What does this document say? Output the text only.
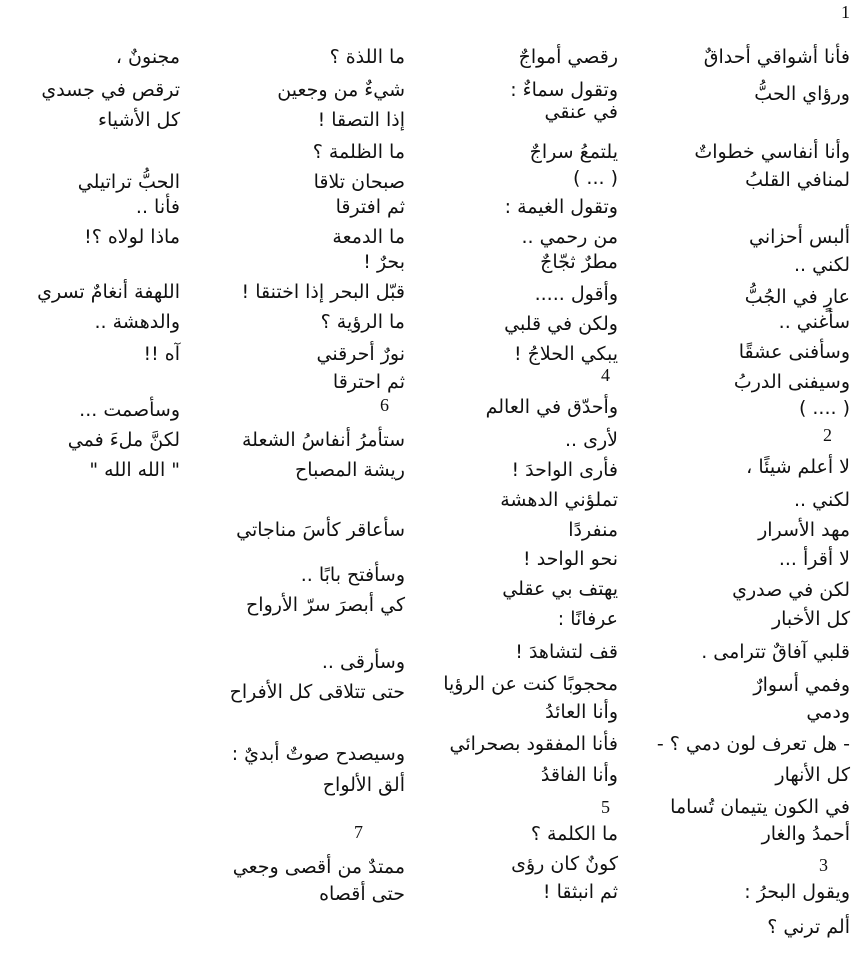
1
فأنا أشواقي أحداقٌ
ورؤاي الحبُّ
وأنا أنفاسي خطواتٌ
لمنافي القلبُ
ألبس أحزاني
لكني ..
عارٍ في الجُبُّ
سأغني ..
وسأفنى عشقًا
وسيفنى الدربُ
( .... )
2
لا أعلم شيئًا ،
لكني ..
مهد الأسرار
لا أقرأ ...
لكن في صدري
كل الأخبار
قلبي آفاقٌ تترامى .
وفمي أسوارٌ
ودمي
- هل تعرف لون دمي ؟ -
كل الأنهار
في الكون يتيمان تُساما
أحمدُ والغار
3
ويقول البحرُ :
ألم ترني ؟
رقصي أمواجٌ
وتقول سماءٌ :
في عنقي
يلتمعُ سراجٌ
( ... )
وتقول الغيمة :
من رحمي ..
مطرٌ ثجّاجٌ
وأقول .....
ولكن في قلبي
يبكي الحلاجُ !
4
وأحدّق في العالم
لأرى ..
فأرى الواحدَ !
تملؤني الدهشة
منفردًا
نحو الواحد !
يهتف بي عقلي
عرفانًا :
قف لتشاهدَ !
محجوبًا كنت عن الرؤيا
وأنا العائدُ
فأنا المفقود بصحرائي
وأنا الفاقدُ
5
ما الكلمة ؟
كونٌ كان رؤى
ثم انبثقا !
ما اللذة ؟
شيءٌ من وجعين
إذا التصقا !
ما الظلمة ؟
صبحان تلاقا
ثم افترقا
ما الدمعة
بحرٌ !
قبّل البحر إذا اختنقا !
ما الرؤية ؟
نورٌ أحرقني
ثم احترقا
6
ستأمرُ أنفاسُ الشعلة
ريشة المصباح
سأعاقر كأسَ مناجاتي
وسأفتح بابًا ..
كي أبصرَ سرّ الأرواح
وسأرقى ..
حتى تتلاقى كل الأفراح
وسيصدح صوتٌ أبديٌ :
ألق الألواح
7
ممتدٌ من أقصى وجعي
حتى أقصاه
مجنونٌ ،
ترقص في جسدي
كل الأشياء
الحبُّ تراتيلي
فأنا ..
ماذا لولاه ؟!
اللهفة أنغامٌ تسري
والدهشة ..
آه !!
وسأصمت ...
لكنَّ ملءَ فمي
" الله الله "
